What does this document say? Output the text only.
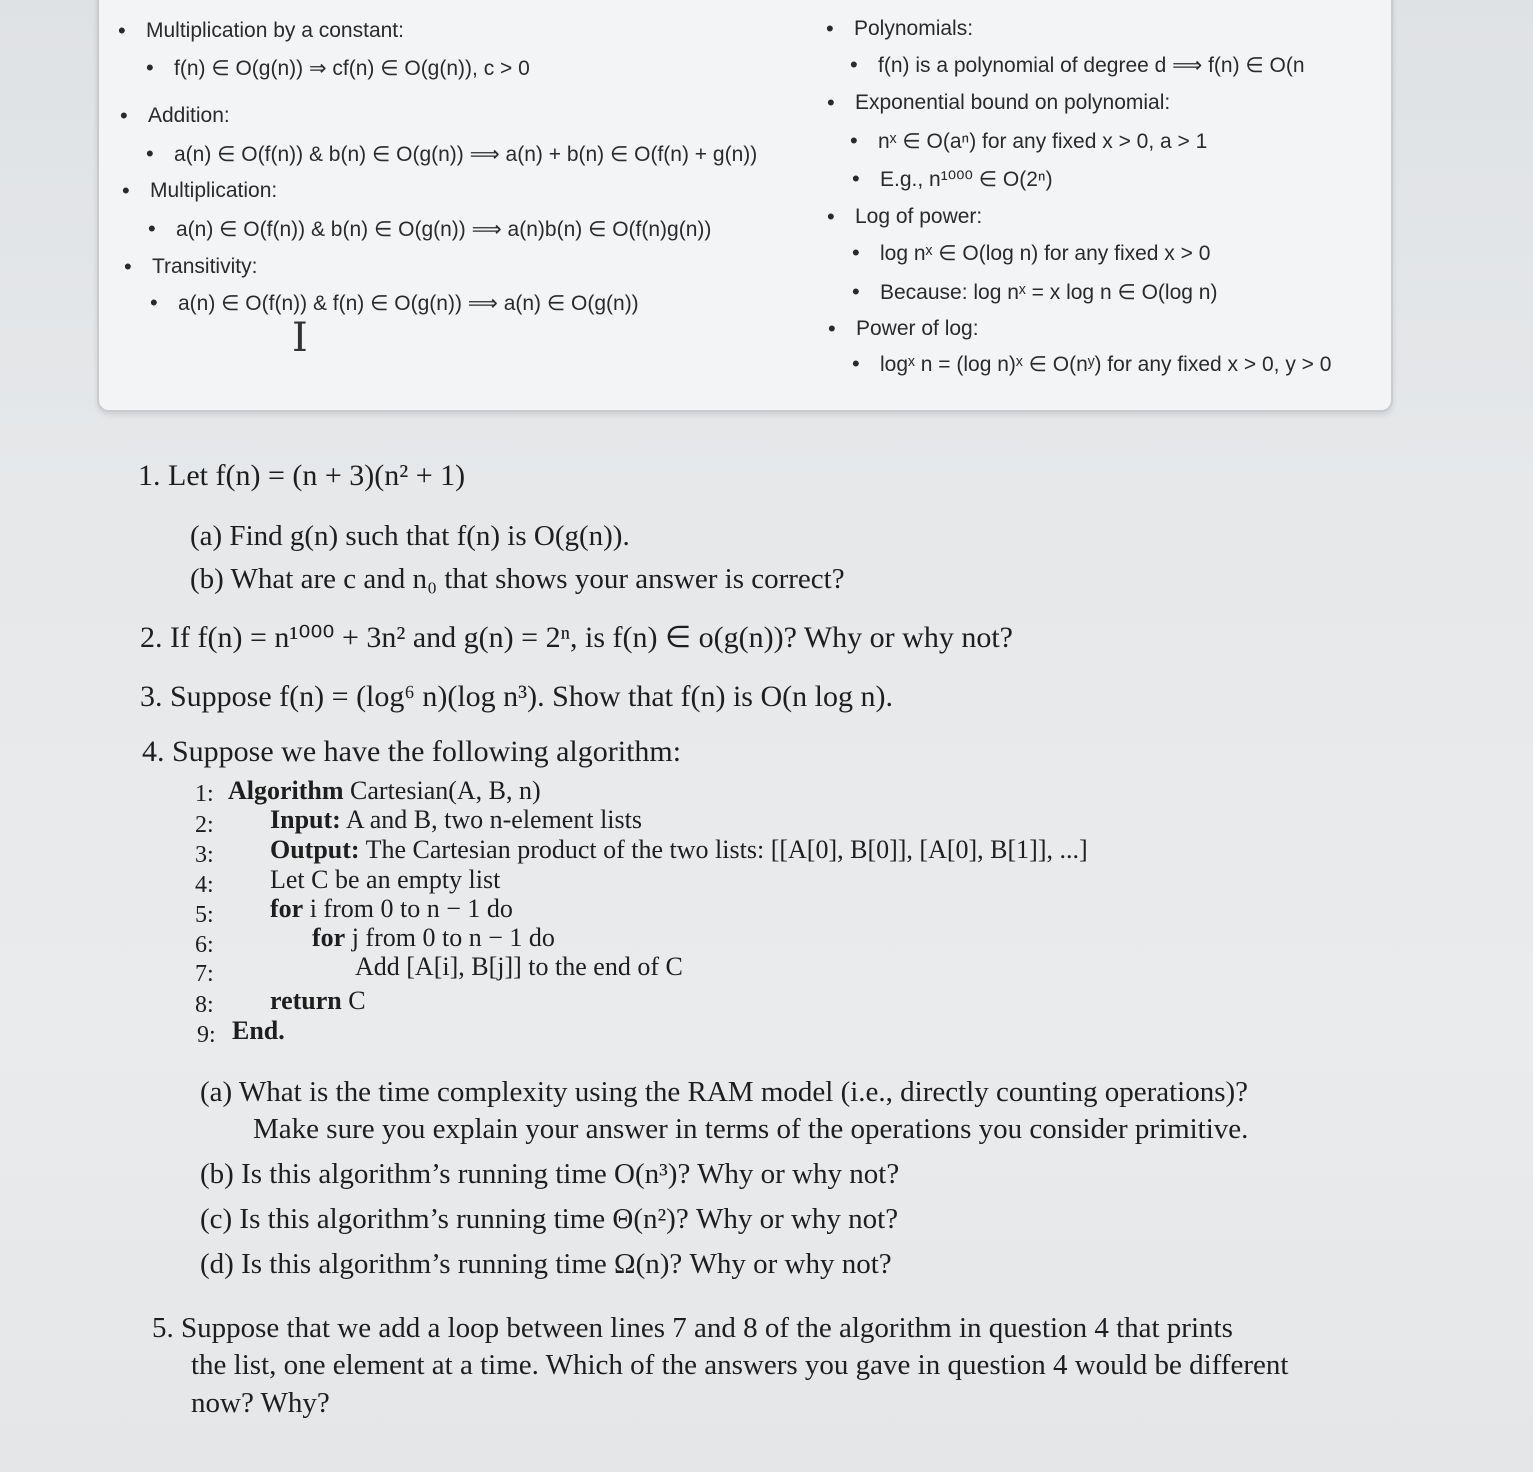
• Multiplication by a constant:
• f(n) ∈ O(g(n)) ⇒ cf(n) ∈ O(g(n)), c > 0
• Addition:
• a(n) ∈ O(f(n)) & b(n) ∈ O(g(n)) ⟹ a(n) + b(n) ∈ O(f(n) + g(n))
• Multiplication:
• a(n) ∈ O(f(n)) & b(n) ∈ O(g(n)) ⟹ a(n)b(n) ∈ O(f(n)g(n))
• Transitivity:
• a(n) ∈ O(f(n)) & f(n) ∈ O(g(n)) ⟹ a(n) ∈ O(g(n))
I
• Polynomials:
• f(n) is a polynomial of degree d ⟹ f(n) ∈ O(n
• Exponential bound on polynomial:
• nˣ ∈ O(aⁿ) for any fixed x > 0, a > 1
• E.g., n¹⁰⁰⁰ ∈ O(2ⁿ)
• Log of power:
• log nˣ ∈ O(log n) for any fixed x > 0
• Because: log nˣ = x log n ∈ O(log n)
• Power of log:
• logˣ n = (log n)ˣ ∈ O(nʸ) for any fixed x > 0, y > 0
1. Let f(n) = (n + 3)(n² + 1)
(a) Find g(n) such that f(n) is O(g(n)).
(b) What are c and n₀ that shows your answer is correct?
2. If f(n) = n¹⁰⁰⁰ + 3n² and g(n) = 2ⁿ, is f(n) ∈ o(g(n))? Why or why not?
3. Suppose f(n) = (log⁶ n)(log n³). Show that f(n) is O(n log n).
4. Suppose we have the following algorithm:
1: Algorithm Cartesian(A, B, n)
2: Input: A and B, two n-element lists
3: Output: The Cartesian product of the two lists: [[A[0], B[0]], [A[0], B[1]], ...]
4: Let C be an empty list
5: for i from 0 to n − 1 do
6:	for j from 0 to n − 1 do
7:	Add [A[i], B[j]] to the end of C
8: return C
9: End.
(a) What is the time complexity using the RAM model (i.e., directly counting operations)?
Make sure you explain your answer in terms of the operations you consider primitive.
(b) Is this algorithm’s running time O(n³)? Why or why not?
(c) Is this algorithm’s running time Θ(n²)? Why or why not?
(d) Is this algorithm’s running time Ω(n)? Why or why not?
5. Suppose that we add a loop between lines 7 and 8 of the algorithm in question 4 that prints
the list, one element at a time. Which of the answers you gave in question 4 would be different
now? Why?
